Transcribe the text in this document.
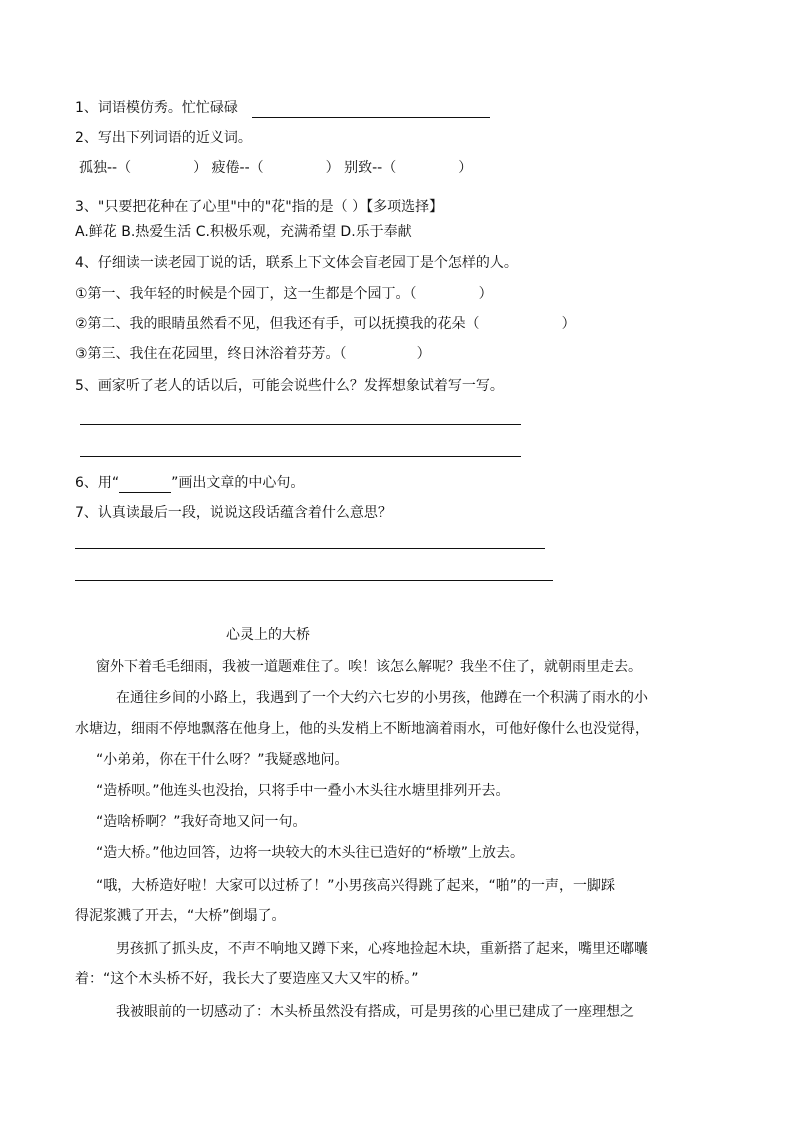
1、词语模仿秀。忙忙碌碌
2、写出下列词语的近义词。
孤独--（	） 疲倦--（	） 别致--（	）
3、"只要把花种在了心里"中的"花"指的是（ ）【多项选择】
A.鲜花 B.热爱生活 C.积极乐观，充满希望 D.乐于奉献
4、仔细读一读老园丁说的话，联系上下文体会盲老园丁是个怎样的人。
①第一、我年轻的时候是个园丁，这一生都是个园丁。（	）
②第二、我的眼睛虽然看不见，但我还有手，可以抚摸我的花朵（	）
③第三、我住在花园里，终日沐浴着芬芳。（	）
5、画家听了老人的话以后，可能会说些什么？发挥想象试着写一写。
6、用“	”画出文章的中心句。
7、认真读最后一段，说说这段话蕴含着什么意思？
心灵上的大桥
窗外下着毛毛细雨，我被一道题难住了。唉！该怎么解呢？我坐不住了，就朝雨里走去。
在通往乡间的小路上，我遇到了一个大约六七岁的小男孩，他蹲在一个积满了雨水的小
水塘边，细雨不停地飘落在他身上，他的头发梢上不断地滴着雨水，可他好像什么也没觉得，
“小弟弟，你在干什么呀？”我疑惑地问。
“造桥呗。”他连头也没抬，只将手中一叠小木头往水塘里排列开去。
“造啥桥啊？”我好奇地又问一句。
“造大桥。”他边回答，边将一块较大的木头往已造好的“桥墩”上放去。
“哦，大桥造好啦！大家可以过桥了！”小男孩高兴得跳了起来，“啪”的一声，一脚踩
得泥浆溅了开去，“大桥”倒塌了。
男孩抓了抓头皮，不声不响地又蹲下来，心疼地捡起木块，重新搭了起来，嘴里还嘟囔
着：“这个木头桥不好，我长大了要造座又大又牢的桥。”
我被眼前的一切感动了：木头桥虽然没有搭成，可是男孩的心里已建成了一座理想之
